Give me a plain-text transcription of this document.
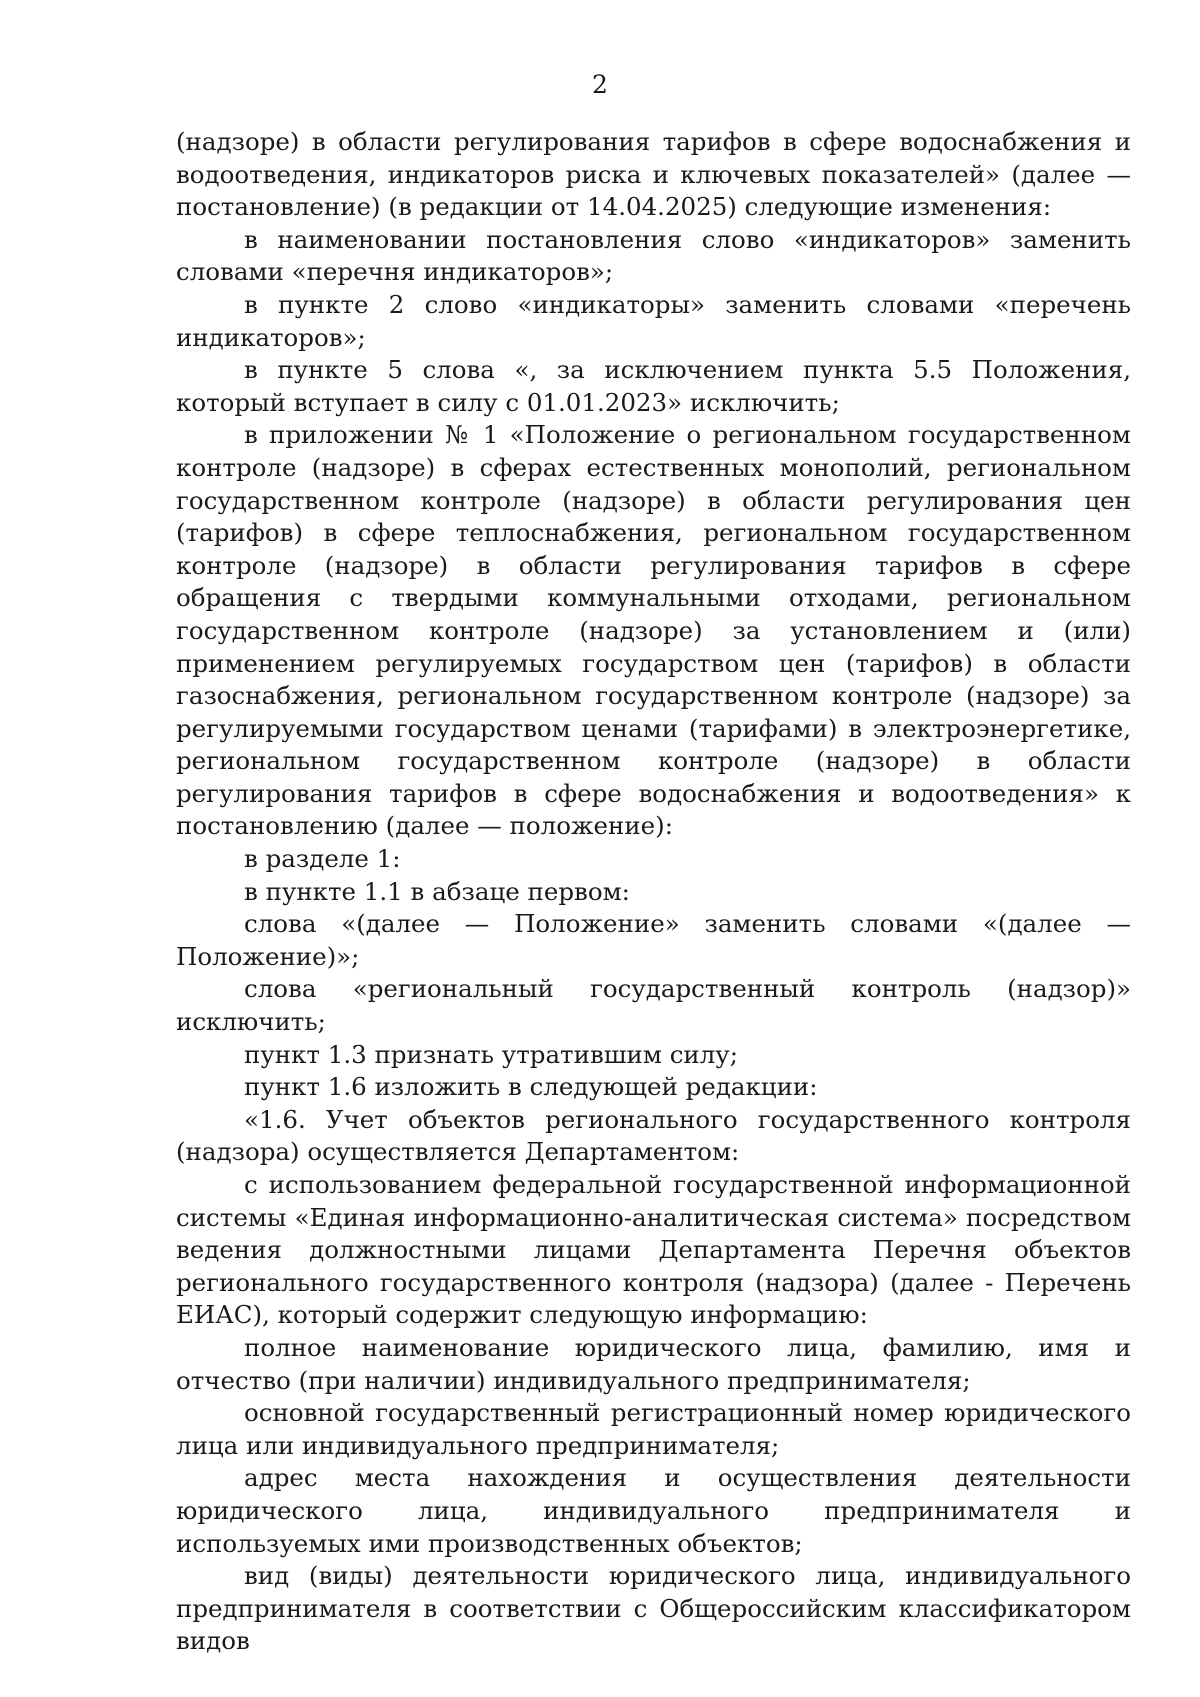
2

(надзоре) в области регулирования тарифов в сфере водоснабжения и водоотведения, индикаторов риска и ключевых показателей» (далее — постановление) (в редакции от 14.04.2025) следующие изменения:

в наименовании постановления слово «индикаторов» заменить словами «перечня индикаторов»;

в пункте 2 слово «индикаторы» заменить словами «перечень индикаторов»;

в пункте 5 слова «, за исключением пункта 5.5 Положения, который вступает в силу с 01.01.2023» исключить;

в приложении № 1 «Положение о региональном государственном контроле (надзоре) в сферах естественных монополий, региональном государственном контроле (надзоре) в области регулирования цен (тарифов) в сфере теплоснабжения, региональном государственном контроле (надзоре) в области регулирования тарифов в сфере обращения с твердыми коммунальными отходами, региональном государственном контроле (надзоре) за установлением и (или) применением регулируемых государством цен (тарифов) в области газоснабжения, региональном государственном контроле (надзоре) за регулируемыми государством ценами (тарифами) в электроэнергетике, региональном государственном контроле (надзоре) в области регулирования тарифов в сфере водоснабжения и водоотведения» к постановлению (далее — положение):

в разделе 1:

в пункте 1.1 в абзаце первом:

слова «(далее — Положение» заменить словами «(далее — Положение)»;

слова «региональный государственный контроль (надзор)» исключить;

пункт 1.3 признать утратившим силу;

пункт 1.6 изложить в следующей редакции:

«1.6. Учет объектов регионального государственного контроля (надзора) осуществляется Департаментом:

с использованием федеральной государственной информационной системы «Единая информационно-аналитическая система» посредством ведения должностными лицами Департамента Перечня объектов регионального государственного контроля (надзора) (далее - Перечень ЕИАС), который содержит следующую информацию:

полное наименование юридического лица, фамилию, имя и отчество (при наличии) индивидуального предпринимателя;

основной государственный регистрационный номер юридического лица или индивидуального предпринимателя;

адрес места нахождения и осуществления деятельности юридического лица, индивидуального предпринимателя и используемых ими производственных объектов;

вид (виды) деятельности юридического лица, индивидуального предпринимателя в соответствии с Общероссийским классификатором видов
